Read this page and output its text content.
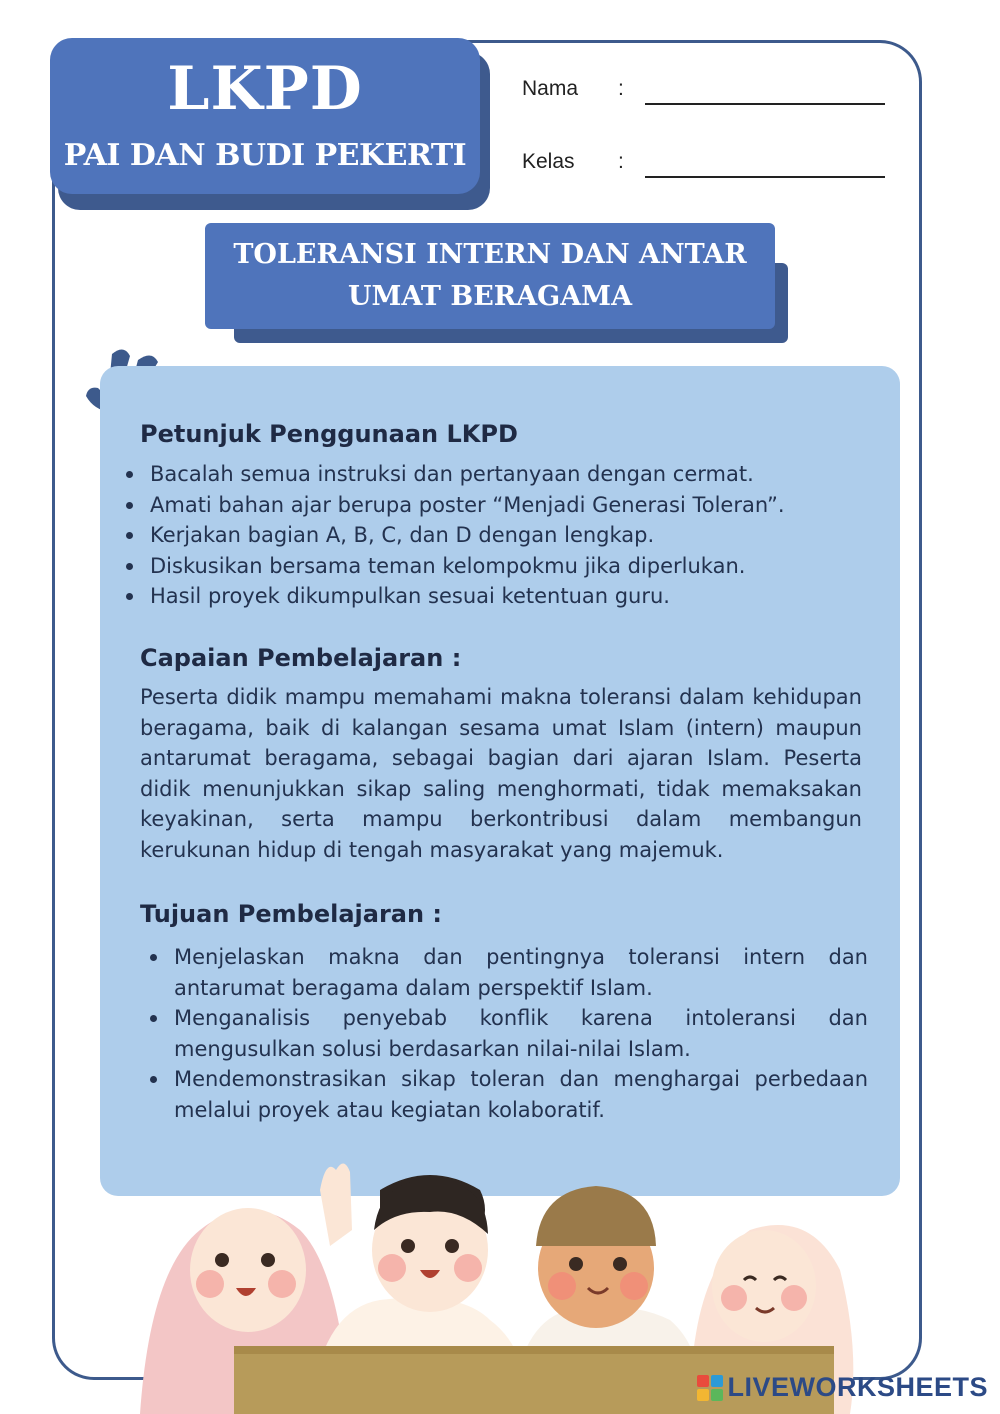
LKPD
PAI DAN BUDI PEKERTI
Nama :
Kelas :
TOLERANSI INTERN DAN ANTAR UMAT BERAGAMA
Petunjuk Penggunaan LKPD
Bacalah semua instruksi dan pertanyaan dengan cermat.
Amati bahan ajar berupa poster “Menjadi Generasi Toleran”.
Kerjakan bagian A, B, C, dan D dengan lengkap.
Diskusikan bersama teman kelompokmu jika diperlukan.
Hasil proyek dikumpulkan sesuai ketentuan guru.
Capaian Pembelajaran :
Peserta didik mampu memahami makna toleransi dalam kehidupan beragama, baik di kalangan sesama umat Islam (intern) maupun antarumat beragama, sebagai bagian dari ajaran Islam. Peserta didik menunjukkan sikap saling menghormati, tidak memaksakan keyakinan, serta mampu berkontribusi dalam membangun kerukunan hidup di tengah masyarakat yang majemuk.
Tujuan Pembelajaran :
Menjelaskan makna dan pentingnya toleransi intern dan antarumat beragama dalam perspektif Islam.
Menganalisis penyebab konflik karena intoleransi dan mengusulkan solusi berdasarkan nilai-nilai Islam.
Mendemonstrasikan sikap toleran dan menghargai perbedaan melalui proyek atau kegiatan kolaboratif.
LIVEWORKSHEETS
